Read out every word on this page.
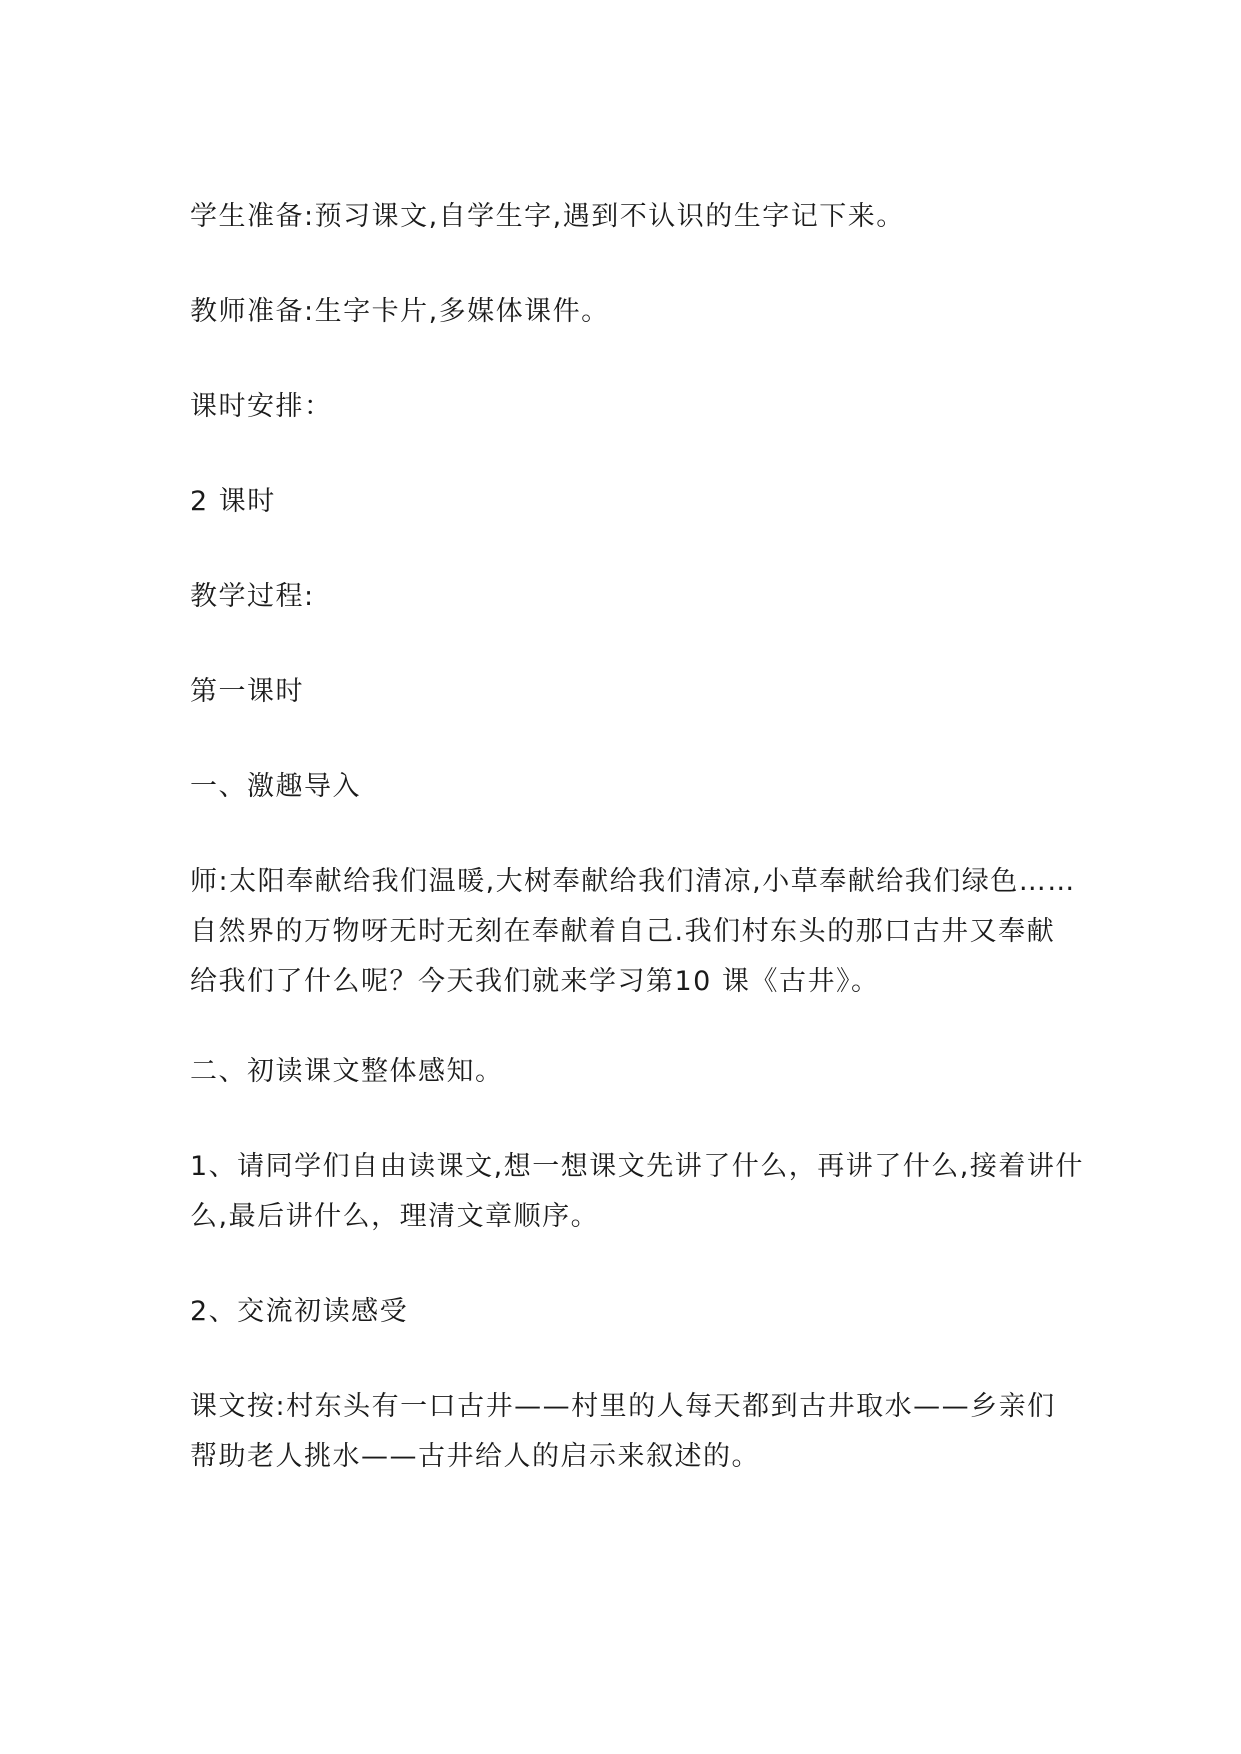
学生准备:预习课文,自学生字,遇到不认识的生字记下来。
教师准备:生字卡片,多媒体课件。
课时安排：
2 课时
教学过程:
第一课时
一、激趣导入
师:太阳奉献给我们温暖,大树奉献给我们清凉,小草奉献给我们绿色……
自然界的万物呀无时无刻在奉献着自己.我们村东头的那口古井又奉献
给我们了什么呢？今天我们就来学习第10 课《古井》。
二、初读课文整体感知。
1、请同学们自由读课文,想一想课文先讲了什么，再讲了什么,接着讲什
么,最后讲什么，理清文章顺序。
2、交流初读感受
课文按:村东头有一口古井——村里的人每天都到古井取水——乡亲们
帮助老人挑水——古井给人的启示来叙述的。
